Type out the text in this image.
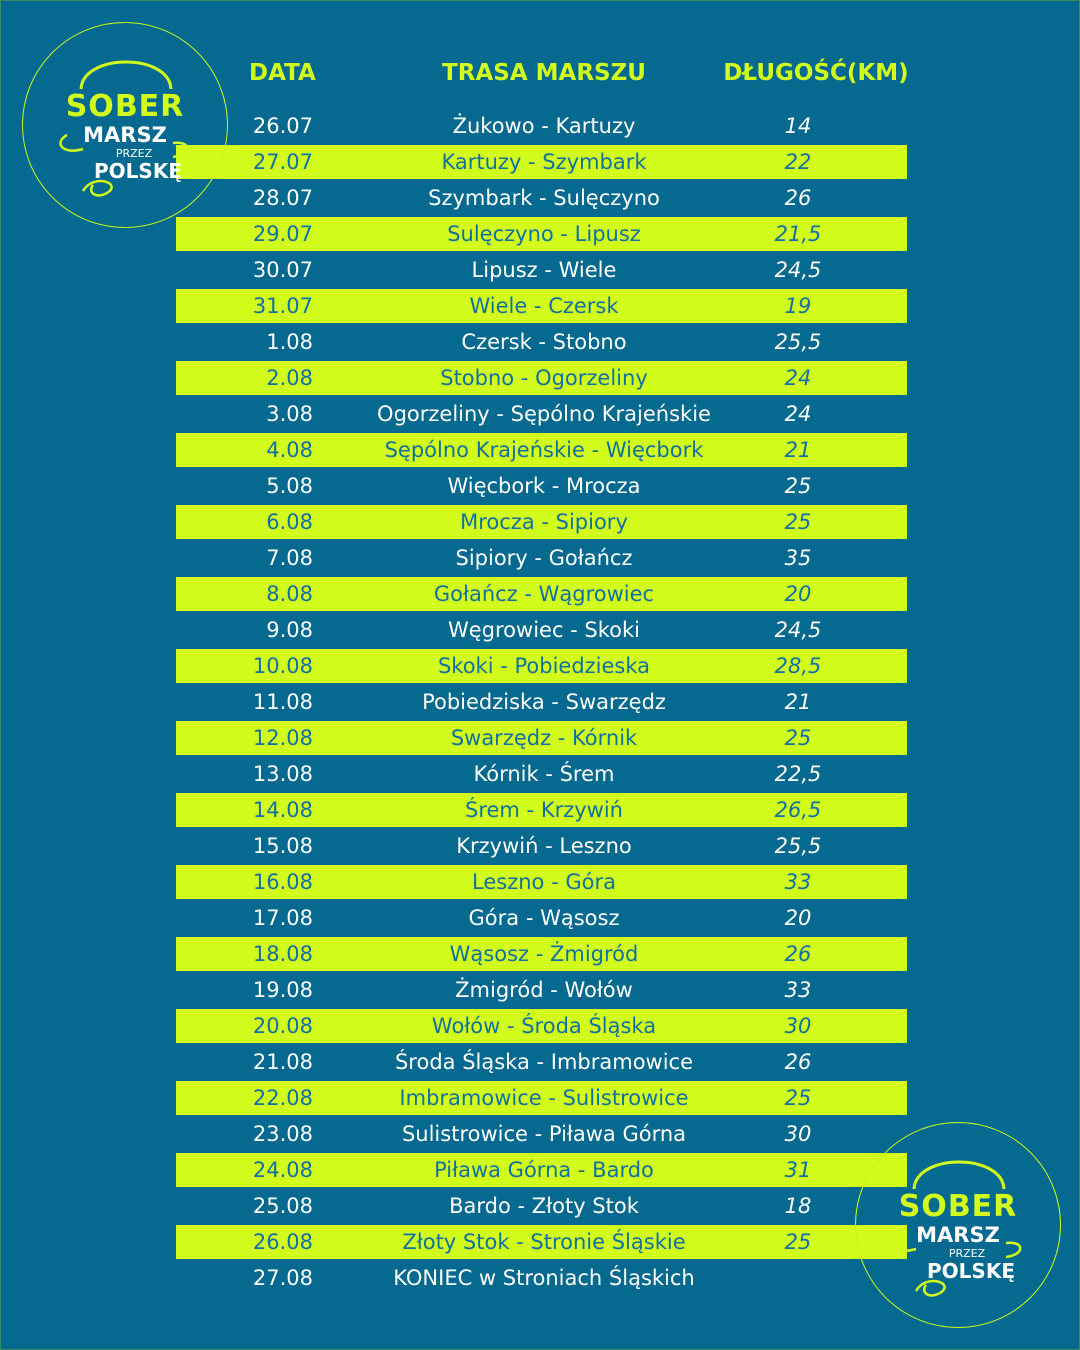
DATA	TRASA MARSZU	DŁUGOŚĆ(KM)
26.07	Żukowo - Kartuzy	14
27.07	Kartuzy - Szymbark	22
28.07	Szymbark - Sulęczyno	26
29.07	Sulęczyno - Lipusz	21,5
30.07	Lipusz - Wiele	24,5
31.07	Wiele - Czersk	19
1.08	Czersk - Stobno	25,5
2.08	Stobno - Ogorzeliny	24
3.08	Ogorzeliny - Sępólno Krajeńskie	24
4.08	Sępólno Krajeńskie - Więcbork	21
5.08	Więcbork - Mrocza	25
6.08	Mrocza - Sipiory	25
7.08	Sipiory - Gołańcz	35
8.08	Gołańcz - Wągrowiec	20
9.08	Węgrowiec - Skoki	24,5
10.08	Skoki - Pobiedzieska	28,5
11.08	Pobiedziska - Swarzędz	21
12.08	Swarzędz - Kórnik	25
13.08	Kórnik - Śrem	22,5
14.08	Śrem - Krzywiń	26,5
15.08	Krzywiń - Leszno	25,5
16.08	Leszno - Góra	33
17.08	Góra - Wąsosz	20
18.08	Wąsosz - Żmigród	26
19.08	Żmigród - Wołów	33
20.08	Wołów - Środa Śląska	30
21.08	Środa Śląska - Imbramowice	26
22.08	Imbramowice - Sulistrowice	25
23.08	Sulistrowice - Piława Górna	30
24.08	Piława Górna - Bardo	31
25.08	Bardo - Złoty Stok	18
26.08	Złoty Stok - Stronie Śląskie	25
27.08	KONIEC w Stroniach Śląskich
SOBER
MARSZ
PRZEZ
POLSKĘ
SOBER
MARSZ
PRZEZ
POLSKĘ
